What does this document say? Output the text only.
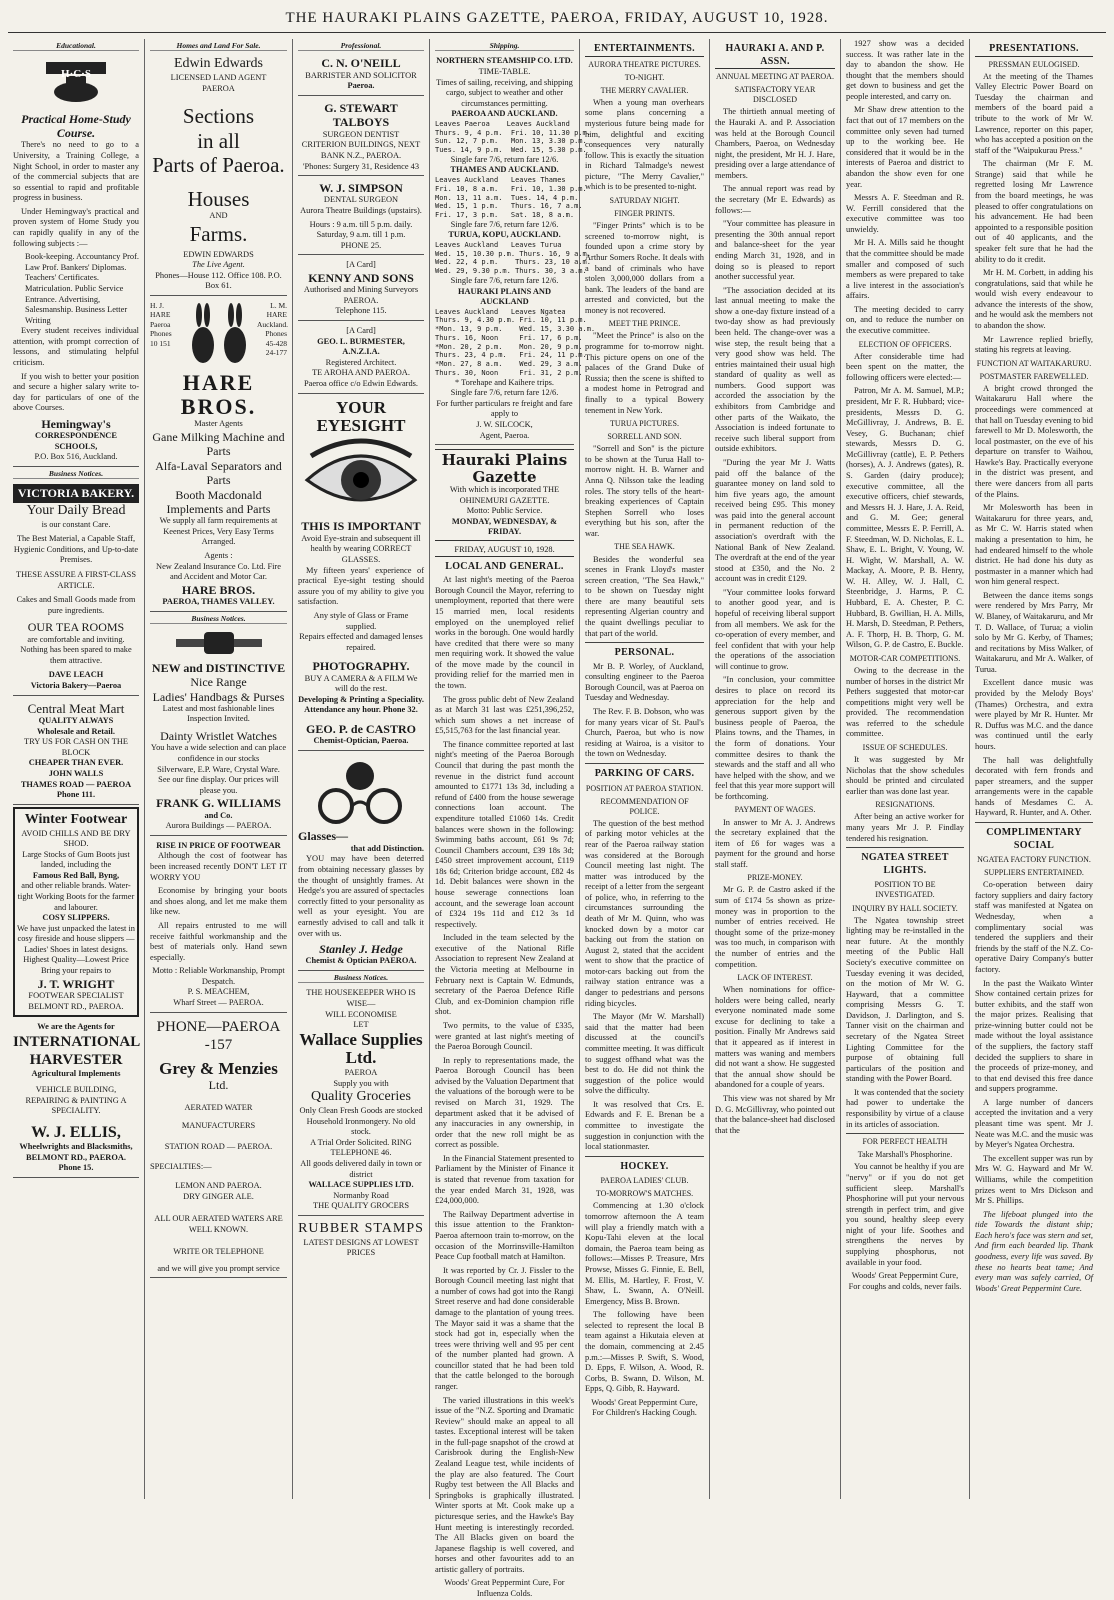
THE HAURAKI PLAINS GAZETTE, PAEROA, FRIDAY, AUGUST 10, 1928.
Educational.
H·C·S
Practical Home-Study Course.

There's no need to go to a University, a Training College, a Night School, in order to master any of the commercial subjects that are so essential to rapid and profitable progress in business.

Under Hemingway's practical and proven system of Home Study you can rapidly qualify in any of the following subjects :—

Book-keeping. Accountancy Prof. Law Prof. Bankers' Diplomas. Teachers' Certificates. Matriculation. Public Service Entrance. Advertising, Salesmanship. Business Letter Writing

Every student receives individual attention, with prompt correction of lessons, and stimulating helpful criticism.

If you wish to better your position and secure a higher salary write to-day for particulars of one of the above Courses.

Hemingway's
CORRESPONDENCE SCHOOLS,
P.O. Box 516, Auckland.
Business Notices.
VICTORIA BAKERY.
Your Daily Bread
is our constant Care.
The Best Material, a Capable Staff, Hygienic Conditions, and Up-to-date Premises.
THESE ASSURE A FIRST-CLASS ARTICLE.
Cakes and Small Goods made from pure ingredients.
OUR TEA ROOMS
are comfortable and inviting. Nothing has been spared to make them attractive.
DAVE LEACH
Victoria Bakery—Paeroa
Central Meat Mart
QUALITY ALWAYS
Wholesale and Retail.
TRY US FOR CASH ON THE BLOCK
CHEAPER THAN EVER.
JOHN WALLS
THAMES ROAD — PAEROA
Phone 111.
Winter Footwear
AVOID CHILLS AND BE DRY SHOD.
Large Stocks of Gum Boots just landed, including the
Famous Red Ball, Byng,
and other reliable brands. Water-tight Working Boots for the farmer and labourer.
COSY SLIPPERS.
We have just unpacked the latest in cosy fireside and house slippers — Ladies' Shoes in latest designs. Highest Quality—Lowest Price
Bring your repairs to
J. T. WRIGHT
FOOTWEAR SPECIALIST BELMONT RD., PAEROA.
We are the Agents for
INTERNATIONAL HARVESTER
Agricultural Implements
VEHICLE BUILDING, REPAIRING & PAINTING A SPECIALITY.
W. J. ELLIS,
Wheelwrights and Blacksmiths,
BELMONT RD., PAEROA.
Phone 15.
Homes and Land For Sale.
Edwin Edwards
LICENSED LAND AGENT
PAEROA
Sections
in all
Parts of Paeroa.
Houses
AND
Farms.
EDWIN EDWARDS
The Live Agent.
Phones—House 112. Office 108. P.O. Box 61.
H. J. HARE Paeroa Phones 10 151
L. M. HARE Auckland. Phones 45-428 24-177
HARE BROS.
Master Agents
Gane Milking Machine and Parts
Alfa-Laval Separators and Parts
Booth Macdonald Implements and Parts
We supply all farm requirements at Keenest Prices, Very Easy Terms Arranged.
Agents :
New Zealand Insurance Co. Ltd. Fire and Accident and Motor Car.
HARE BROS.
PAEROA, THAMES VALLEY.
Business Notices.
NEW and DISTINCTIVE
Nice Range
Ladies' Handbags & Purses
Latest and most fashionable lines Inspection Invited.
Dainty Wristlet Watches
You have a wide selection and can place confidence in our stocks
Silverware, E.P. Ware, Crystal Ware.
See our fine display. Our prices will please you.
FRANK G. WILLIAMS
and Co.
Aurora Buildings — PAEROA.
RISE IN PRICE OF FOOTWEAR

Although the cost of footwear has been increased recently DON'T LET IT WORRY YOU

Economise by bringing your boots and shoes along, and let me make them like new.

All repairs entrusted to me will receive faithful workmanship and the best of materials only. Hand sewn especially.

Motto : Reliable Workmanship, Prompt Despatch.
P. S. MEACHEM,
Wharf Street — PAEROA.
PHONE—PAEROA -157
Grey & Menzies
Ltd.
AERATED WATER
MANUFACTURERS
STATION ROAD — PAEROA.
SPECIALTIES:—
LEMON AND PAEROA.
DRY GINGER ALE.
ALL OUR AERATED WATERS ARE WELL KNOWN.
WRITE OR TELEPHONE
and we will give you prompt service
Professional.
C. N. O'NEILL
BARRISTER AND SOLICITOR
Paeroa.
G. STEWART TALBOYS
SURGEON DENTIST
CRITERION BUILDINGS, NEXT BANK N.Z., PAEROA.
'Phones: Surgery 31, Residence 43
W. J. SIMPSON
DENTAL SURGEON
Aurora Theatre Buildings (upstairs).
Hours : 9 a.m. till 5 p.m. daily. Saturday, 9 a.m. till 1 p.m.
PHONE 25.
[A Card]
KENNY AND SONS
Authorised and Mining Surveyors PAEROA.
Telephone 115.
[A Card]
GEO. L. BURMESTER, A.N.Z.I.A.
Registered Architect.
TE AROHA AND PAEROA.
Paeroa office c/o Edwin Edwards.
YOUR EYESIGHT
THIS IS IMPORTANT
Avoid Eye-strain and subsequent ill health by wearing CORRECT GLASSES.

My fifteen years' experience of practical Eye-sight testing should assure you of my ability to give you satisfaction.

Any style of Glass or Frame supplied.
Repairs effected and damaged lenses repaired.
PHOTOGRAPHY.
BUY A CAMERA & A FILM We will do the rest.
Developing & Printing a Speciality. Attendance any hour. Phone 32.
GEO. P. de CASTRO
Chemist-Optician, Paeroa.
Glasses—
that add Distinction.

YOU may have been deterred from obtaining necessary glasses by the thought of unsightly frames. At Hedge's you are assured of spectacles correctly fitted to your personality as well as your eyesight. You are earnestly advised to call and talk it over with us.

Stanley J. Hedge
Chemist & Optician PAEROA.
Business Notices.
THE HOUSEKEEPER WHO IS WISE—
WILL ECONOMISE
LET
Wallace Supplies Ltd.
PAEROA
Supply you with
Quality Groceries
Only Clean Fresh Goods are stocked
Household Ironmongery. No old stock.
A Trial Order Solicited. RING TELEPHONE 46.
All goods delivered daily in town or district
WALLACE SUPPLIES LTD.
Normanby Road
THE QUALITY GROCERS
RUBBER STAMPS
LATEST DESIGNS AT LOWEST
PRICES
Shipping.
NORTHERN STEAMSHIP CO. LTD.
TIME-TABLE.
Times of sailing, receiving, and shipping cargo, subject to weather and other circumstances permitting.
PAEROA AND AUCKLAND.
Leaves Paeroa    Leaves Auckland
Thurs. 9, 4 p.m.  Fri. 10, 11.30 p.m.
Sun. 12, 7 p.m.   Mon. 13, 3.30 p.m.
Tues. 14, 9 p.m.  Wed. 15, 5.30 p.m.
Single fare 7/6, return fare 12/6.
THAMES AND AUCKLAND.
Leaves Auckland   Leaves Thames
Fri. 10, 8 a.m.   Fri. 10, 1.30 p.m.
Mon. 13, 11 a.m.  Tues. 14, 4 p.m.
Wed. 15, 1 p.m.   Thurs. 16, 7 a.m.
Fri. 17, 3 p.m.   Sat. 18, 8 a.m.
Single fare 7/6, return fare 12/6.
TURUA, KOPU, AUCKLAND.
Leaves Auckland   Leaves Turua
Wed. 15, 10.30 p.m. Thurs. 16, 9 a.m.
Wed. 22, 4 p.m.    Thurs. 23, 10 a.m.
Wed. 29, 9.30 p.m. Thurs. 30, 3 a.m.
Single fare 7/6, return fare 12/6.
HAURAKI PLAINS AND AUCKLAND
Leaves Auckland   Leaves Ngatea
Thurs. 9, 4.30 p.m. Fri. 10, 11 p.m.
*Mon. 13, 9 p.m.    Wed. 15, 3.30 a.m.
Thurs. 16, Noon     Fri. 17, 6 p.m.
*Mon. 20, 2 p.m.    Mon. 20, 9 p.m.
Thurs. 23, 4 p.m.   Fri. 24, 11 p.m.
*Mon. 27, 8 a.m.    Wed. 29, 3 a.m.
Thurs. 30, Noon     Fri. 31, 2 p.m.
* Torehape and Kaihere trips.
Single fare 7/6, return fare 12/6.
For further particulars re freight and fare apply to
J. W. SILCOCK,
Agent, Paeroa.
Hauraki Plains Gazette
With which is incorporated THE OHINEMURI GAZETTE.
Motto: Public Service.
MONDAY, WEDNESDAY, & FRIDAY.
FRIDAY, AUGUST 10, 1928.
LOCAL AND GENERAL.

At last night's meeting of the Paeroa Borough Council the Mayor, referring to unemployment, reported that there were 15 married men, local residents employed on the unemployed relief works in the borough. One would hardly have credited that there were so many men requiring work. It showed the value of the move made by the council in providing relief for the married men in the town.

The gross public debt of New Zealand as at March 31 last was £251,396,252, which sum shows a net increase of £5,515,763 for the last financial year.

The finance committee reported at last night's meeting of the Paeroa Borough Council that during the past month the revenue in the district fund account amounted to £1771 13s 3d, including a refund of £400 from the house sewerage connections loan account. The expenditure totalled £1060 14s. Credit balances were shown in the following: Swimming baths account, £61 9s 7d; Council Chambers account, £39 18s 3d; £450 street improvement account, £119 18s 6d; Criterion bridge account, £82 4s 1d. Debit balances were shown in the house sewerage connections loan account, and the sewerage loan account of £324 19s 11d and £12 3s 1d respectively.

Included in the team selected by the executive of the National Rifle Association to represent New Zealand at the Victoria meeting at Melbourne in February next is Captain W. Edmunds, secretary of the Paeroa Defence Rifle Club, and ex-Dominion champion rifle shot.

Two permits, to the value of £335, were granted at last night's meeting of the Paeroa Borough Council.

In reply to representations made, the Paeroa Borough Council has been advised by the Valuation Department that the valuations of the borough were to be revised on March 31, 1929. The department asked that it be advised of any inaccuracies in any ownership, in order that the new roll might be as correct as possible.

In the Financial Statement presented to Parliament by the Minister of Finance it is stated that revenue from taxation for the year ended March 31, 1928, was £24,000,000.

The Railway Department advertise in this issue attention to the Frankton-Paeroa afternoon train to-morrow, on the occasion of the Morrinsville-Hamilton Peace Cup football match at Hamilton.

It was reported by Cr. J. Fissler to the Borough Council meeting last night that a number of cows had got into the Rangi Street reserve and had done considerable damage to the plantation of young trees. The Mayor said it was a shame that the stock had got in, especially when the trees were thriving well and 95 per cent of the number planted had grown. A councillor stated that he had been told that the cattle belonged to the borough ranger.

The varied illustrations in this week's issue of the "N.Z. Sporting and Dramatic Review" should make an appeal to all tastes. Exceptional interest will be taken in the full-page snapshot of the crowd at Carisbrook during the English-New Zealand League test, while incidents of the play are also featured. The Court Rugby test between the All Blacks and Springboks is graphically illustrated. Winter sports at Mt. Cook make up a picturesque series, and the Hawke's Bay Hunt meeting is interestingly recorded. The All Blacks given on board the Japanese flagship is well covered, and horses and other favourites add to an artistic gallery of portraits.

Woods' Great Peppermint Cure, For Influenza Colds.
ENTERTAINMENTS.
AURORA THEATRE PICTURES.
TO-NIGHT.
THE MERRY CAVALIER.

When a young man overhears some plans concerning a mysterious future being made for him, delightful and exciting consequences very naturally follow. This is exactly the situation in Richard Talmadge's newest picture, "The Merry Cavalier," which is to be presented to-night.

SATURDAY NIGHT.
FINGER PRINTS.

"Finger Prints" which is to be screened to-morrow night, is founded upon a crime story by Arthur Somers Roche. It deals with a band of criminals who have stolen 3,000,000 dollars from a bank. The leaders of the band are arrested and convicted, but the money is not recovered.

MEET THE PRINCE.

"Meet the Prince" is also on the programme for to-morrow night. This picture opens on one of the palaces of the Grand Duke of Russia; then the scene is shifted to a modest home in Petrograd and finally to a typical Bowery tenement in New York.

TURUA PICTURES.
SORRELL AND SON.

"Sorrell and Son" is the picture to be shown at the Turua Hall to-morrow night. H. B. Warner and Anna Q. Nilsson take the leading roles. The story tells of the heart-breaking experiences of Captain Stephen Sorrell who loses everything but his son, after the war.

THE SEA HAWK.

Besides the wonderful sea scenes in Frank Lloyd's master screen creation, "The Sea Hawk," to be shown on Tuesday night there are many beautiful sets representing Algerian country and the quaint dwellings peculiar to that part of the world.

PERSONAL.

Mr B. P. Worley, of Auckland, consulting engineer to the Paeroa Borough Council, was at Paeroa on Tuesday and Wednesday.

The Rev. F. B. Dobson, who was for many years vicar of St. Paul's Church, Paeroa, but who is now residing at Wairoa, is a visitor to the town on Wednesday.

PARKING OF CARS.
POSITION AT PAEROA STATION.
RECOMMENDATION OF POLICE.

The question of the best method of parking motor vehicles at the rear of the Paeroa railway station was considered at the Borough Council meeting last night. The matter was introduced by the receipt of a letter from the sergeant of police, who, in referring to the circumstances surrounding the death of Mr M. Quinn, who was knocked down by a motor car backing out from the station on August 2, stated that the accident went to show that the practice of motor-cars backing out from the railway station entrance was a danger to pedestrians and persons riding bicycles.

The Mayor (Mr W. Marshall) said that the matter had been discussed at the council's committee meeting. It was difficult to suggest offhand what was the best to do. He did not think the suggestion of the police would solve the difficulty.

It was resolved that Crs. E. Edwards and F. E. Brenan be a committee to investigate the suggestion in conjunction with the local stationmaster.

HOCKEY.
PAEROA LADIES' CLUB.
TO-MORROW'S MATCHES.

Commencing at 1.30 o'clock tomorrow afternoon the A team will play a friendly match with a Kopu-Tahi eleven at the local domain, the Paeroa team being as follows:—Misses P. Treasure, Mrs Prowse, Misses G. Finnie, E. Bell, M. Ellis, M. Hartley, F. Frost, V. Shaw, L. Swann, A. O'Neill. Emergency, Miss B. Brown.

The following have been selected to represent the local B team against a Hikutaia eleven at the domain, commencing at 2.45 p.m.:—Misses P. Swift, S. Wood, D. Epps, F. Wilson, A. Wood, R. Corbs, B. Swann, D. Wilson, M. Epps, Q. Gibb, R. Hayward.

Woods' Great Peppermint Cure, For Children's Hacking Cough.
HAURAKI A. AND P. ASSN.
ANNUAL MEETING AT PAEROA.
SATISFACTORY YEAR DISCLOSED

The thirtieth annual meeting of the Hauraki A. and P. Association was held at the Borough Council Chambers, Paeroa, on Wednesday night, the president, Mr H. J. Hare, presiding over a large attendance of members.

The annual report was read by the secretary (Mr E. Edwards) as follows:—

"Your committee has pleasure in presenting the 30th annual report and balance-sheet for the year ending March 31, 1928, and in doing so is pleased to report another successful year.

"The association decided at its last annual meeting to make the show a one-day fixture instead of a two-day show as had previously been held. The change-over was a wise step, the result being that a very good show was held. The entries maintained their usual high standard of quality as well as numbers. Good support was accorded the association by the exhibitors from Cambridge and other parts of the Waikato, the Association is indeed fortunate to receive such liberal support from outside exhibitors.

"During the year Mr J. Watts paid off the balance of the guarantee money on land sold to him five years ago, the amount received being £95. This money was paid into the general account in permanent reduction of the association's overdraft with the National Bank of New Zealand. The overdraft at the end of the year stood at £350, and the No. 2 account was in credit £129.

"Your committee looks forward to another good year, and is hopeful of receiving liberal support from all members. We ask for the co-operation of every member, and feel confident that with your help the operations of the association will continue to grow.

"In conclusion, your committee desires to place on record its appreciation for the help and generous support given by the business people of Paeroa, the Plains towns, and the Thames, in the form of donations. Your committee desires to thank the stewards and the staff and all who have helped with the show, and we feel that this year more support will be forthcoming.

PAYMENT OF WAGES.

In answer to Mr A. J. Andrews the secretary explained that the item of £6 for wages was a payment for the ground and horse stall staff.

PRIZE-MONEY.

Mr G. P. de Castro asked if the sum of £174 5s shown as prize-money was in proportion to the number of entries received. He thought some of the prize-money was too much, in comparison with the number of entries and the competition.

LACK OF INTEREST.

When nominations for office-holders were being called, nearly everyone nominated made some excuse for declining to take a position. Finally Mr Andrews said that it appeared as if interest in matters was waning and members did not want a show. He suggested that the annual show should be abandoned for a couple of years.

This view was not shared by Mr D. G. McGillivray, who pointed out that the balance-sheet had disclosed that the

1927 show was a decided success. It was rather late in the day to abandon the show. He thought that the members should get down to business and get the people interested, and carry on.

Mr Shaw drew attention to the fact that out of 17 members on the committee only seven had turned up to the working bee. He considered that it would be in the interests of Paeroa and district to abandon the show even for one year.

Messrs A. F. Steedman and R. W. Ferrill considered that the executive committee was too unwieldy.

Mr H. A. Mills said he thought that the committee should be made smaller and composed of such members as were prepared to take a live interest in the association's affairs.

The meeting decided to carry on, and to reduce the number on the executive committee.

ELECTION OF OFFICERS.

After considerable time had been spent on the matter, the following officers were elected:—

Patron, Mr A. M. Samuel, M.P.; president, Mr F. R. Hubbard; vice-presidents, Messrs D. G. McGillivray, J. Andrews, B. E. Vesey, G. Buchanan; chief stewards, Messrs D. G. McGillivray (cattle), E. P. Pethers (horses), A. J. Andrews (gates), R. S. Garden (dairy produce); executive committee, all the executive officers, chief stewards, and Messrs H. J. Hare, J. A. Reid, and G. M. Gee; general committee, Messrs E. P. Ferrill, A. F. Steedman, W. D. Nicholas, E. L. Shaw, E. L. Bright, V. Young, W. H. Wight, W. Marshall, A. W. Mackay, A. Moore, P. B. Henry, W. H. Alley, W. J. Hall, C. Steenbridge, J. Harms, P. C. Hubbard, E. A. Chester, P. C. Hubbard, B. Gwillian, H. A. Mills, H. Marsh, D. Steedman, P. Pethers, A. F. Thorp, H. B. Thorp, G. M. Wilson, G. P. de Castro, E. Buckle.

MOTOR-CAR COMPETITIONS.

Owing to the decrease in the number of horses in the district Mr Pethers suggested that motor-car competitions might very well be provided. The recommendation was referred to the schedule committee.

ISSUE OF SCHEDULES.

It was suggested by Mr Nicholas that the show schedules should be printed and circulated earlier than was done last year.

RESIGNATIONS.

After being an active worker for many years Mr J. P. Findlay tendered his resignation.

NGATEA STREET LIGHTS.
POSITION TO BE INVESTIGATED.
INQUIRY BY HALL SOCIETY.

The Ngatea township street lighting may be re-installed in the near future. At the monthly meeting of the Public Hall Society's executive committee on Tuesday evening it was decided, on the motion of Mr W. G. Hayward, that a committee comprising Messrs G. T. Davidson, J. Darlington, and S. Tanner visit on the chairman and secretary of the Ngatea Street Lighting Committee for the purpose of obtaining full particulars of the position and standing with the Power Board.

It was contended that the society had power to undertake the responsibility by virtue of a clause in its articles of association.

FOR PERFECT HEALTH
Take Marshall's Phosphorine.

You cannot be healthy if you are "nervy" or if you do not get sufficient sleep. Marshall's Phosphorine will put your nervous strength in perfect trim, and give you sound, healthy sleep every night of your life. Soothes and strengthens the nerves by supplying phosphorus, not available in your food.

Woods' Great Peppermint Cure, For coughs and colds, never fails.
PRESENTATIONS.
PRESSMAN EULOGISED.

At the meeting of the Thames Valley Electric Power Board on Tuesday the chairman and members of the board paid a tribute to the work of Mr W. Lawrence, reporter on this paper, who has accepted a position on the staff of the "Waipukurau Press."

The chairman (Mr F. M. Strange) said that while he regretted losing Mr Lawrence from the board meetings, he was pleased to offer congratulations on his advancement. He had been appointed to a responsible position out of 40 applicants, and the speaker felt sure that he had the ability to do it credit.

Mr H. M. Corbett, in adding his congratulations, said that while he would wish every endeavour to advance the interests of the show, and he would ask the members not to abandon the show.

Mr Lawrence replied briefly, stating his regrets at leaving.

FUNCTION AT WAITAKARURU.
POSTMASTER FAREWELLED.

A bright crowd thronged the Waitakaruru Hall where the proceedings were commenced at that hall on Tuesday evening to bid farewell to Mr D. Molesworth, the local postmaster, on the eve of his departure on transfer to Waihou, Hawke's Bay. Practically everyone in the district was present, and there were dancers from all parts of the Plains.

Mr Molesworth has been in Waitakaruru for three years, and, as Mr C. W. Harris stated when making a presentation to him, he had endeared himself to the whole district. He had done his duty as postmaster in a manner which had won him general respect.

Between the dance items songs were rendered by Mrs Parry, Mr W. Blaney, of Waitakaruru, and Mr T. D. Wallace, of Turua; a violin solo by Mr G. Kerby, of Thames; and recitations by Miss Walker, of Waitakaruru, and Mr A. Walker, of Turua.

Excellent dance music was provided by the Melody Boys' (Thames) Orchestra, and extra were played by Mr R. Hunter. Mr R. Duffus was M.C. and the dance was continued until the early hours.

The hall was delightfully decorated with fern fronds and paper streamers, and the supper arrangements were in the capable hands of Mesdames C. A. Hayward, R. Hunter, and A. Other.

COMPLIMENTARY SOCIAL
NGATEA FACTORY FUNCTION.
SUPPLIERS ENTERTAINED.

Co-operation between dairy factory suppliers and dairy factory staff was manifested at Ngatea on Wednesday, when a complimentary social was tendered the suppliers and their friends by the staff of the N.Z. Co-operative Dairy Company's butter factory.

In the past the Waikato Winter Show contained certain prizes for butter exhibits, and the staff won the major prizes. Realising that prize-winning butter could not be made without the loyal assistance of the suppliers, the factory staff decided the suppliers to share in the proceeds of prize-money, and to that end devised this free dance and suppers programme.

A large number of dancers accepted the invitation and a very pleasant time was spent. Mr J. Neate was M.C. and the music was by Meyer's Ngatea Orchestra.

The excellent supper was run by Mrs W. G. Hayward and Mr W. Williams, while the competition prizes went to Mrs Dickson and Mr S. Phillips.

The lifeboat plunged into the tide Towards the distant ship; Each hero's face was stern and set, And firm each bearded lip. Thank goodness, every life was saved. By these no hearts beat tame; And every man was safely carried, Of Woods' Great Peppermint Cure.
